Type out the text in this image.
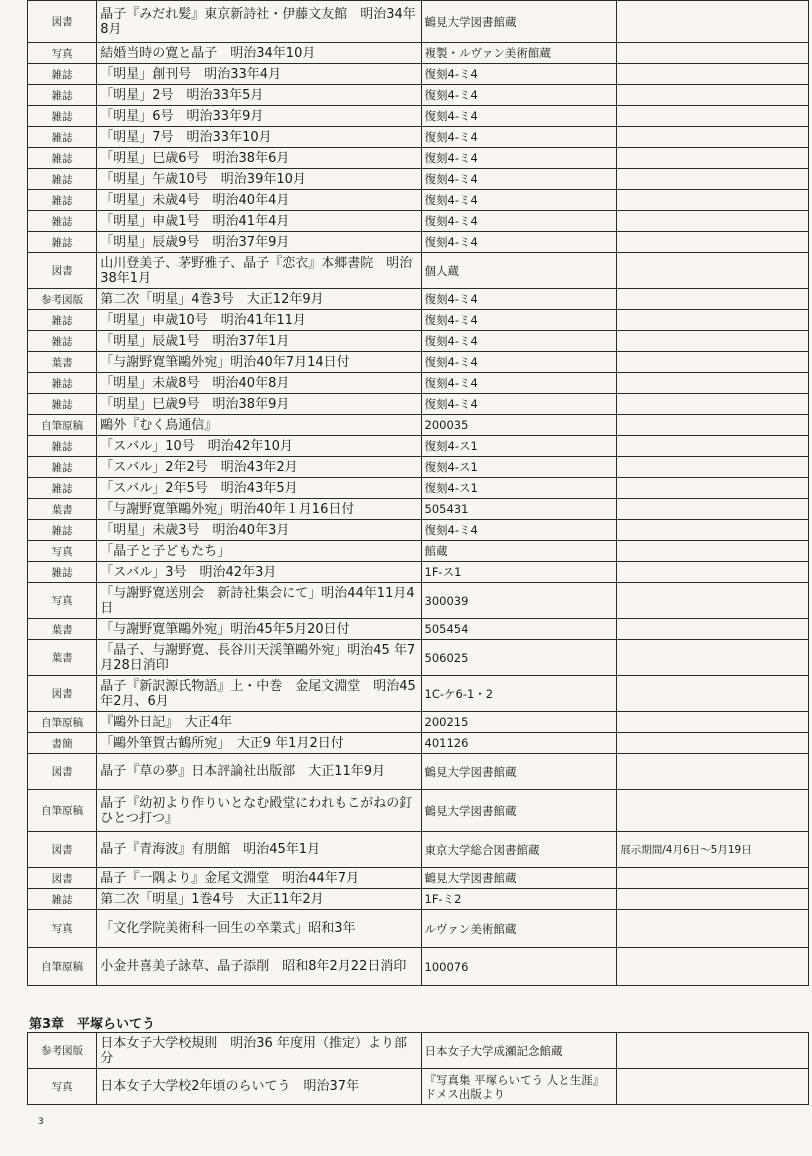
図書	晶子『みだれ髪』東京新詩社・伊藤文友館　明治34年8月	鶴見大学図書館蔵	
写真	結婚当時の寛と晶子　明治34年10月	複製・ルヴァン美術館蔵	
雑誌	「明星」創刊号　明治33年4月	復刻4-ミ4	
雑誌	「明星」2号　明治33年5月	復刻4-ミ4	
雑誌	「明星」6号　明治33年9月	復刻4-ミ4	
雑誌	「明星」7号　明治33年10月	復刻4-ミ4	
雑誌	「明星」巳歳6号　明治38年6月	復刻4-ミ4	
雑誌	「明星」午歳10号　明治39年10月	復刻4-ミ4	
雑誌	「明星」未歳4号　明治40年4月	復刻4-ミ4	
雑誌	「明星」申歳1号　明治41年4月	復刻4-ミ4	
雑誌	「明星」辰歳9号　明治37年9月	復刻4-ミ4	
図書	山川登美子、茅野雅子、晶子『恋衣』本郷書院　明治38年1月	個人蔵	
参考図版	第二次「明星」4巻3号　大正12年9月	復刻4-ミ4	
雑誌	「明星」申歳10号　明治41年11月	復刻4-ミ4	
雑誌	「明星」辰歳1号　明治37年1月	復刻4-ミ4	
葉書	「与謝野寛筆鷗外宛」明治40年7月14日付	復刻4-ミ4	
雑誌	「明星」未歳8号　明治40年8月	復刻4-ミ4	
雑誌	「明星」巳歳9号　明治38年9月	復刻4-ミ4	
自筆原稿	鷗外『むく鳥通信』	200035	
雑誌	「スバル」10号　明治42年10月	復刻4-ス1	
雑誌	「スバル」2年2号　明治43年2月	復刻4-ス1	
雑誌	「スバル」2年5号　明治43年5月	復刻4-ス1	
葉書	「与謝野寛筆鷗外宛」明治40年１月16日付	505431	
雑誌	「明星」未歳3号　明治40年3月	復刻4-ミ4	
写真	「晶子と子どもたち」	館蔵	
雑誌	「スバル」3号　明治42年3月	1F-ス1	
写真	「与謝野寛送別会　新詩社集会にて」明治44年11月4日	300039	
葉書	「与謝野寛筆鷗外宛」明治45年5月20日付	505454	
葉書	「晶子、与謝野寛、長谷川天渓筆鷗外宛」明治45 年7 月28日消印	506025	
図書	晶子『新訳源氏物語』上・中巻　金尾文淵堂　明治45年2月、6月	1C-ケ6-1・2	
自筆原稿	『鷗外日記』　大正4年	200215	
書簡	「鷗外筆賀古鶴所宛」　大正9 年1月2日付	401126	
図書	晶子『草の夢』日本評論社出版部　大正11年9月	鶴見大学図書館蔵	
自筆原稿	晶子『幼初より作りいとなむ殿堂にわれもこがねの釘ひとつ打つ』	鶴見大学図書館蔵	
図書	晶子『青海波』有朋館　明治45年1月	東京大学総合図書館蔵	展示期間/4月6日～5月19日
図書	晶子『一隅より』金尾文淵堂　明治44年7月	鶴見大学図書館蔵	
雑誌	第二次「明星」1巻4号　大正11年2月	1F-ミ2	
写真	「文化学院美術科一回生の卒業式」昭和3年	ルヴァン美術館蔵	
自筆原稿	小金井喜美子詠草、晶子添削　昭和8年2月22日消印	100076	
第3章　平塚らいてう
参考図版	日本女子大学校規則　明治36 年度用（推定）より部分	日本女子大学成瀬記念館蔵	
写真	日本女子大学校2年頃のらいてう　明治37年	『写真集 平塚らいてう 人と生涯』ドメス出版より	
3
